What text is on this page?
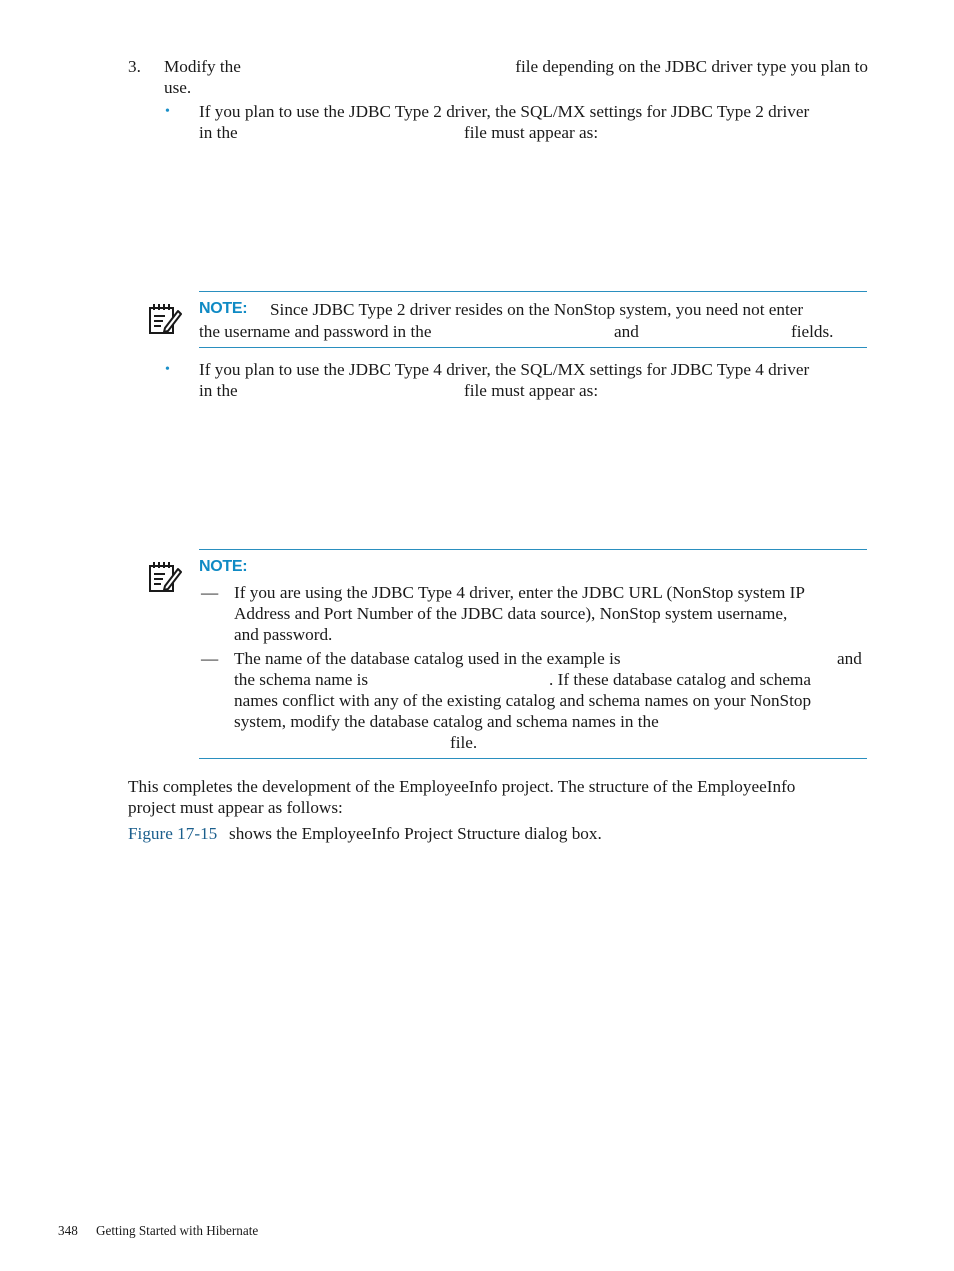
3. Modify the	file depending on the JDBC driver type you plan to
use.
• If you plan to use the JDBC Type 2 driver, the SQL/MX settings for JDBC Type 2 driver
in the	file must appear as:
NOTE: Since JDBC Type 2 driver resides on the NonStop system, you need not enter
the username and password in the	and	fields.
• If you plan to use the JDBC Type 4 driver, the SQL/MX settings for JDBC Type 4 driver
in the	file must appear as:
NOTE:
— If you are using the JDBC Type 4 driver, enter the JDBC URL (NonStop system IP
Address and Port Number of the JDBC data source), NonStop system username,
and password.
— The name of the database catalog used in the example is	and
the schema name is	. If these database catalog and schema
names conflict with any of the existing catalog and schema names on your NonStop
system, modify the database catalog and schema names in the
file.
This completes the development of the EmployeeInfo project. The structure of the EmployeeInfo
project must appear as follows:
Figure 17-15 shows the EmployeeInfo Project Structure dialog box.
348 Getting Started with Hibernate
